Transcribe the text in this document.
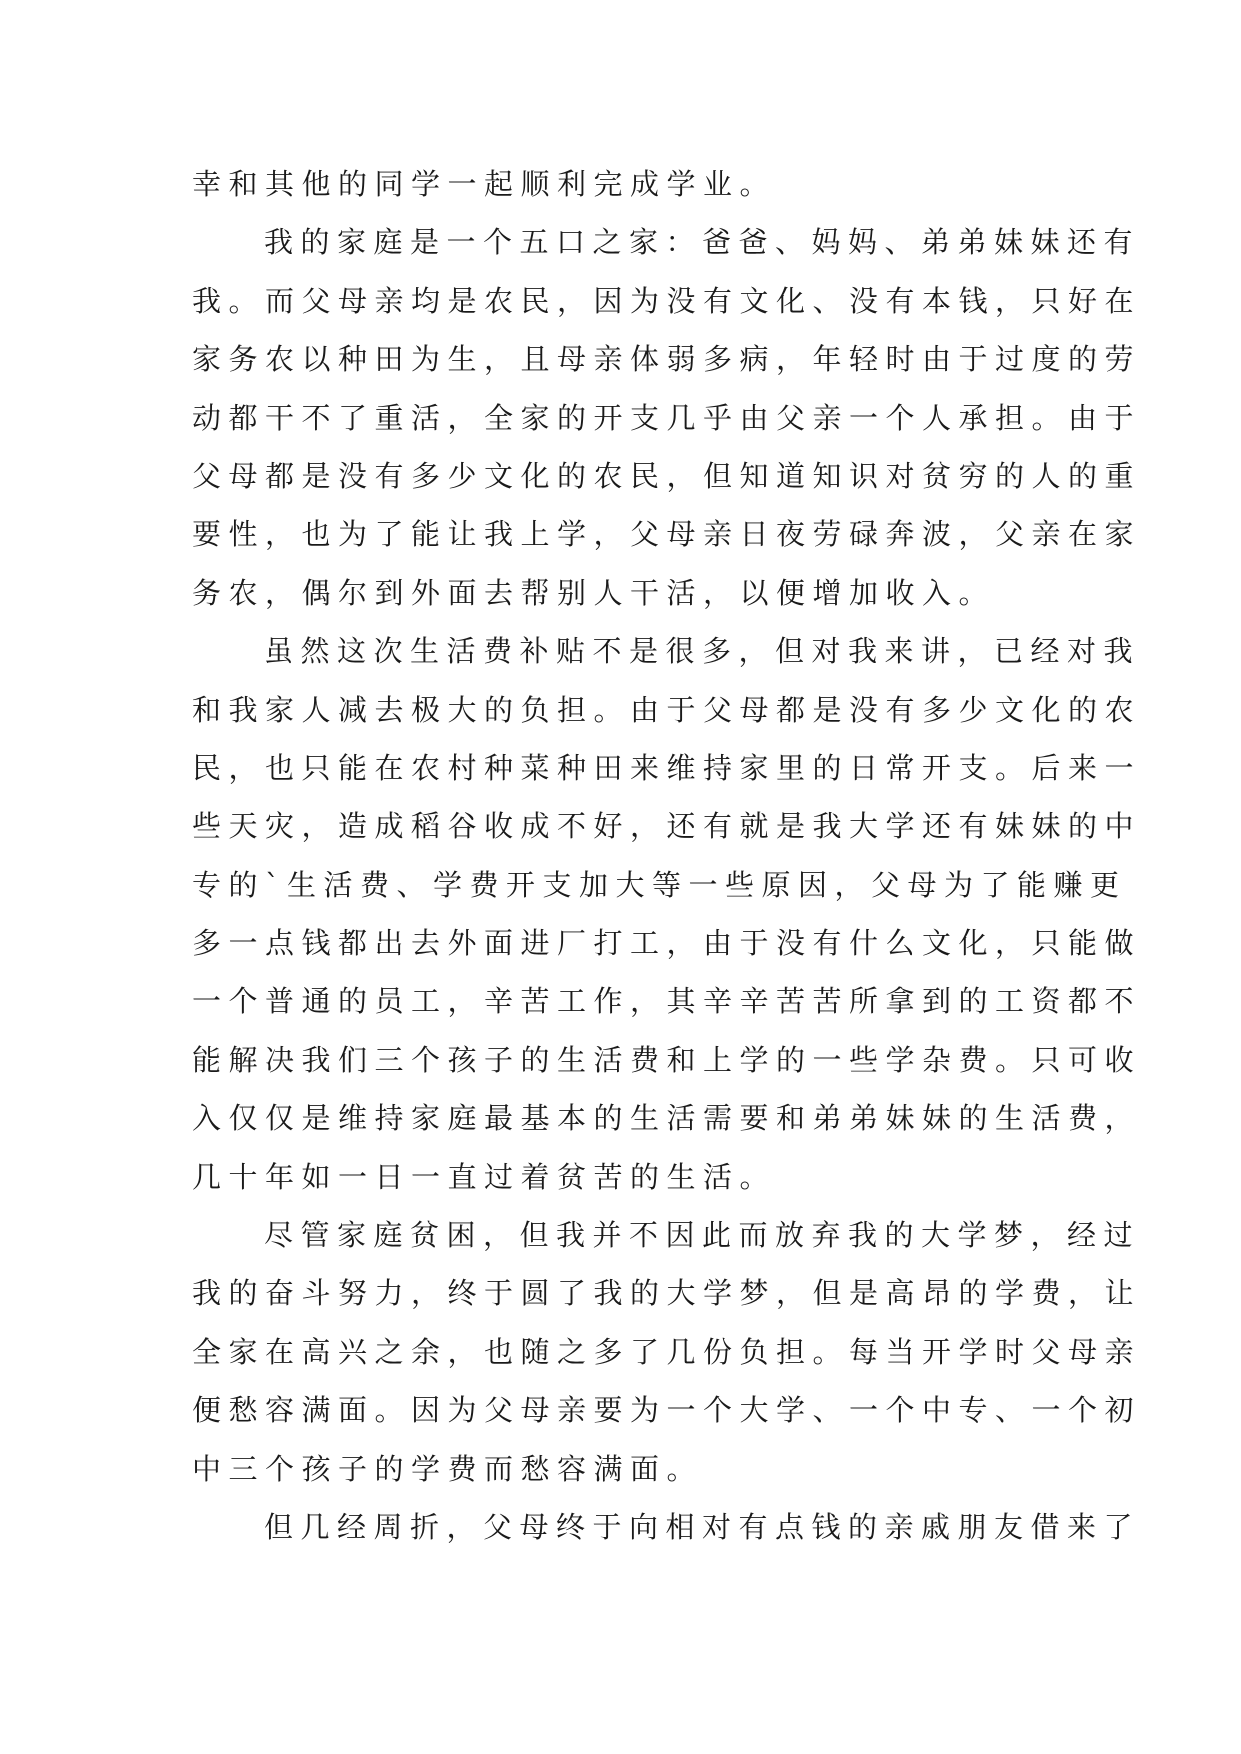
幸和其他的同学一起顺利完成学业。
我的家庭是一个五口之家：爸爸、妈妈、弟弟妹妹还有
我。而父母亲均是农民，因为没有文化、没有本钱，只好在
家务农以种田为生，且母亲体弱多病，年轻时由于过度的劳
动都干不了重活，全家的开支几乎由父亲一个人承担。由于
父母都是没有多少文化的农民，但知道知识对贫穷的人的重
要性，也为了能让我上学，父母亲日夜劳碌奔波，父亲在家
务农，偶尔到外面去帮别人干活，以便增加收入。
虽然这次生活费补贴不是很多，但对我来讲，已经对我
和我家人减去极大的负担。由于父母都是没有多少文化的农
民，也只能在农村种菜种田来维持家里的日常开支。后来一
些天灾，造成稻谷收成不好，还有就是我大学还有妹妹的中
专的`生活费、学费开支加大等一些原因，父母为了能赚更
多一点钱都出去外面进厂打工，由于没有什么文化，只能做
一个普通的员工，辛苦工作，其辛辛苦苦所拿到的工资都不
能解决我们三个孩子的生活费和上学的一些学杂费。只可收
入仅仅是维持家庭最基本的生活需要和弟弟妹妹的生活费，
几十年如一日一直过着贫苦的生活。
尽管家庭贫困，但我并不因此而放弃我的大学梦，经过
我的奋斗努力，终于圆了我的大学梦，但是高昂的学费，让
全家在高兴之余，也随之多了几份负担。每当开学时父母亲
便愁容满面。因为父母亲要为一个大学、一个中专、一个初
中三个孩子的学费而愁容满面。
但几经周折，父母终于向相对有点钱的亲戚朋友借来了
